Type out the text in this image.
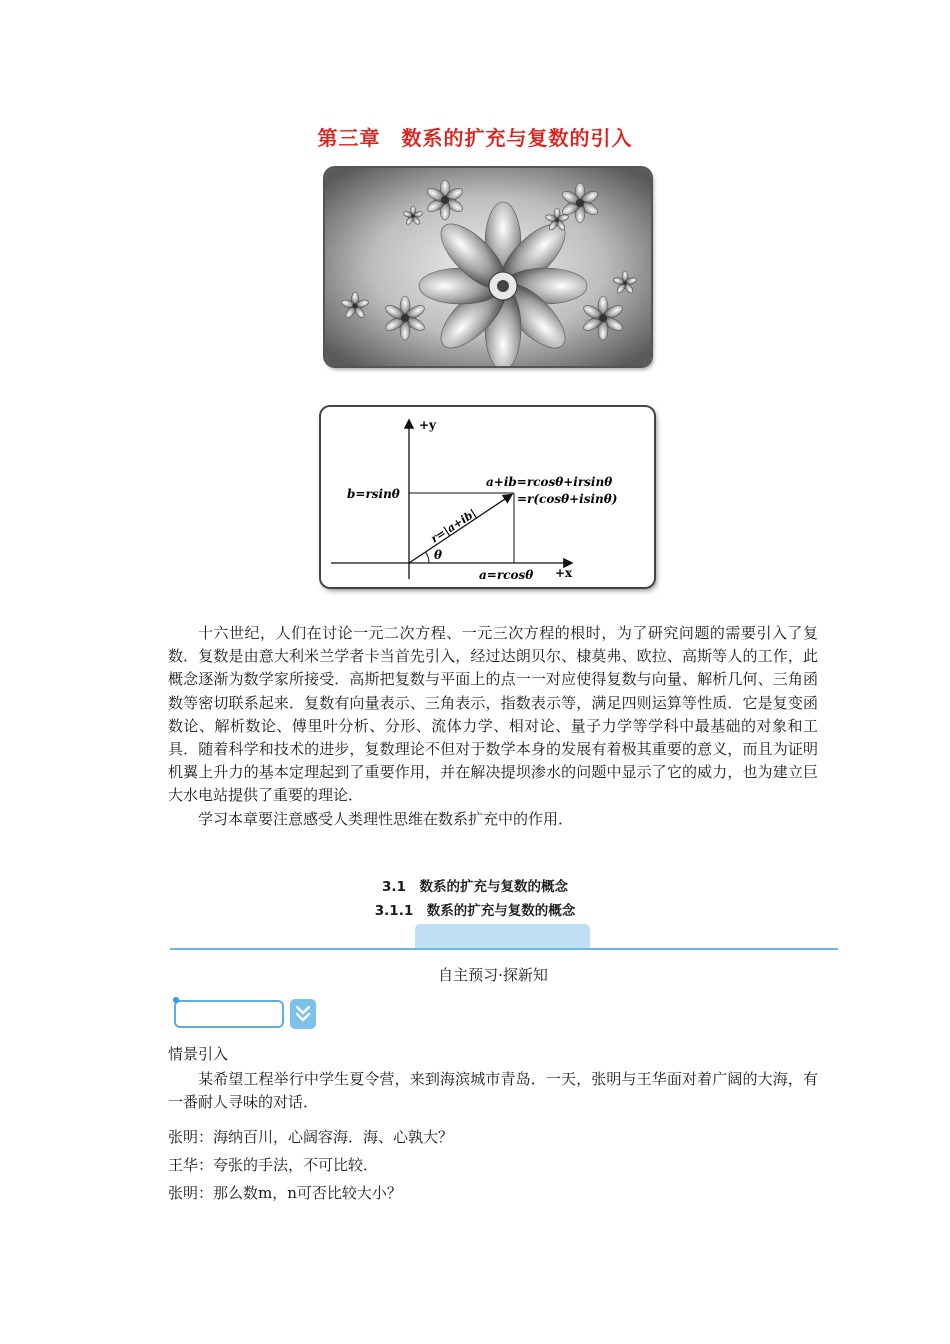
第三章　数系的扩充与复数的引入
+y
+x
b=rsinθ
a=rcosθ
θ
r=|a+ib|
a+ib=rcosθ+irsinθ
=r(cosθ+isinθ)

十六世纪，人们在讨论一元二次方程、一元三次方程的根时，为了研究问题的需要引入了复数．复数是由意大利米兰学者卡当首先引入，经过达朗贝尔、棣莫弗、欧拉、高斯等人的工作，此概念逐渐为数学家所接受．高斯把复数与平面上的点一一对应使得复数与向量、解析几何、三角函数等密切联系起来．复数有向量表示、三角表示，指数表示等，满足四则运算等性质．它是复变函数论、解析数论、傅里叶分析、分形、流体力学、相对论、量子力学等学科中最基础的对象和工具．随着科学和技术的进步，复数理论不但对于数学本身的发展有着极其重要的意义，而且为证明机翼上升力的基本定理起到了重要作用，并在解决提坝渗水的问题中显示了它的威力，也为建立巨大水电站提供了重要的理论．

学习本章要注意感受人类理性思维在数系扩充中的作用．

3.1　数系的扩充与复数的概念
3.1.1　数系的扩充与复数的概念
自主预习·探新知
情景引入

某希望工程举行中学生夏令营，来到海滨城市青岛．一天，张明与王华面对着广阔的大海，有一番耐人寻味的对话．

张明：海纳百川，心阔容海．海、心孰大？
王华：夸张的手法，不可比较．
张明：那么数m，n可否比较大小？
